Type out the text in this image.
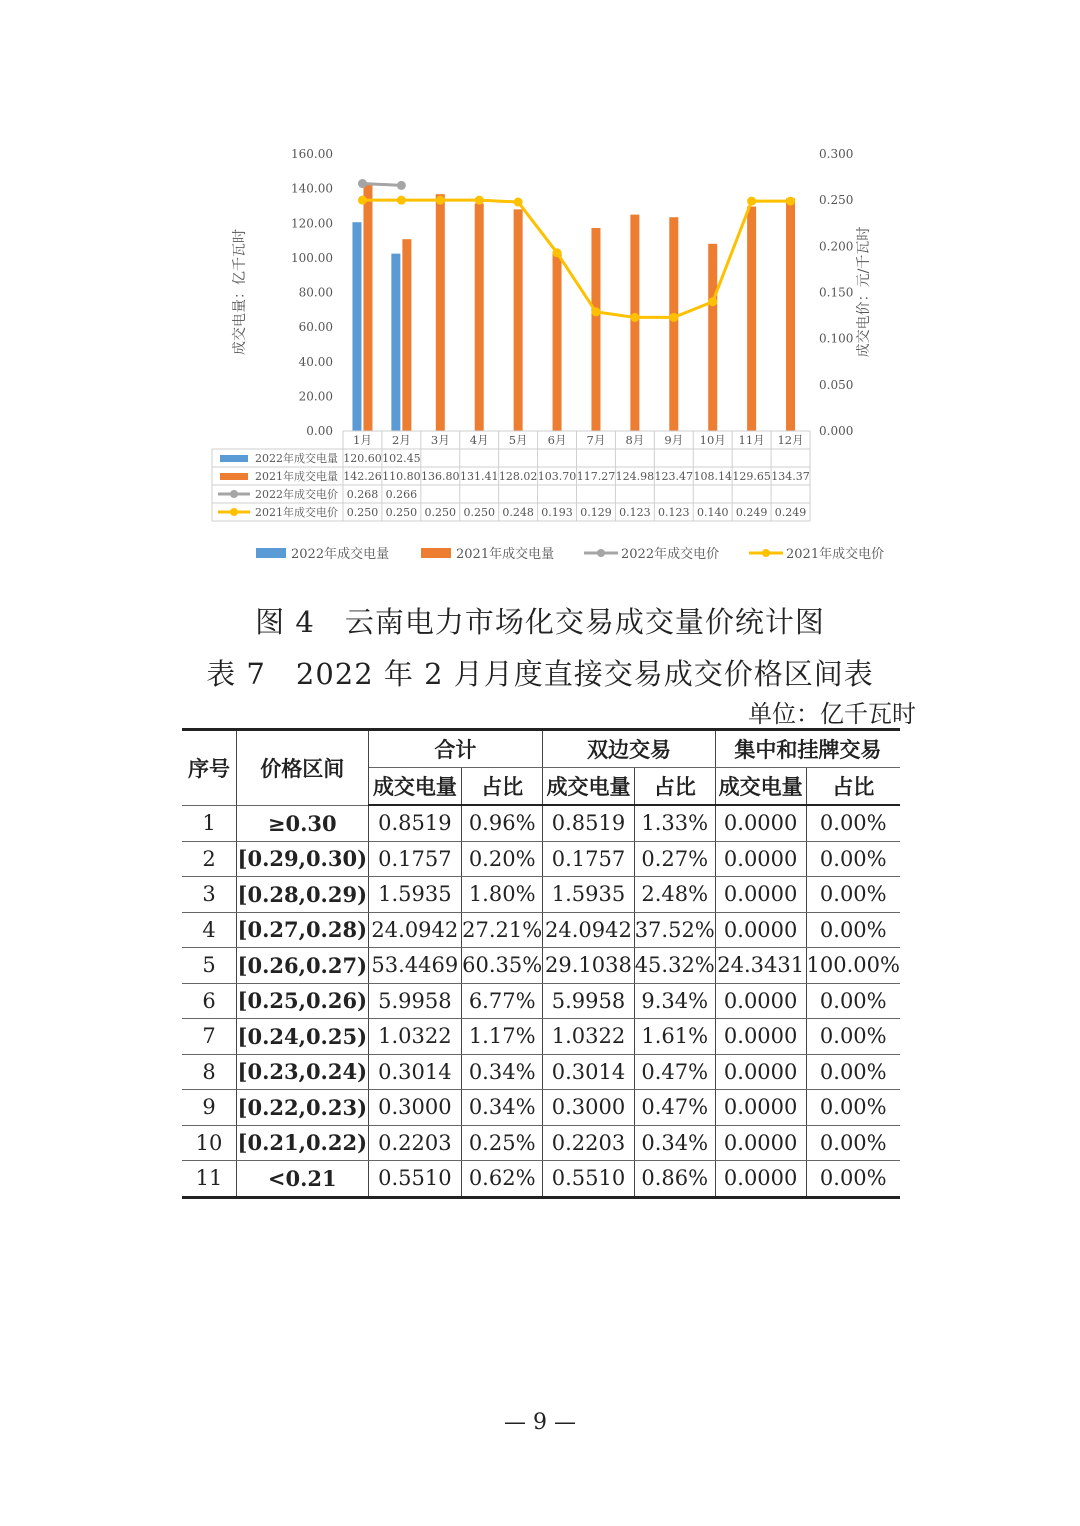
0.00
20.00
40.00
60.00
80.00
100.00
120.00
140.00
160.00
0.000
0.050
0.100
0.150
0.200
0.250
0.300
成交电量：亿千瓦时	成交电价：元/千瓦时
1月 2月 3月 4月 5月 6月 7月 8月 9月 10月 11月 12月
2022年成交电量 120.60 102.45
2021年成交电量 142.26 110.80 136.80 131.41 128.02 103.70 117.27 124.98 123.47 108.14 129.65 134.37
2022年成交电价 0.268 0.266
2021年成交电价 0.250 0.250 0.250 0.250 0.248 0.193 0.129 0.123 0.123 0.140 0.249 0.249
2022年成交电量	2021年成交电量	2022年成交电价	2021年成交电价
图 4　云南电力市场化交易成交量价统计图
表 7　2022 年 2 月月度直接交易成交价格区间表
单位：亿千瓦时
序号	价格区间	合计		双边交易		集中和挂牌交易	
		成交电量	占比	成交电量	占比	成交电量	占比
1	≥0.30	0.8519	0.96%	0.8519	1.33%	0.0000	0.00%
2	[0.29,0.30)	0.1757	0.20%	0.1757	0.27%	0.0000	0.00%
3	[0.28,0.29)	1.5935	1.80%	1.5935	2.48%	0.0000	0.00%
4	[0.27,0.28)	24.0942	27.21%	24.0942	37.52%	0.0000	0.00%
5	[0.26,0.27)	53.4469	60.35%	29.1038	45.32%	24.3431	100.00%
6	[0.25,0.26)	5.9958	6.77%	5.9958	9.34%	0.0000	0.00%
7	[0.24,0.25)	1.0322	1.17%	1.0322	1.61%	0.0000	0.00%
8	[0.23,0.24)	0.3014	0.34%	0.3014	0.47%	0.0000	0.00%
9	[0.22,0.23)	0.3000	0.34%	0.3000	0.47%	0.0000	0.00%
10	[0.21,0.22)	0.2203	0.25%	0.2203	0.34%	0.0000	0.00%
11	<0.21	0.5510	0.62%	0.5510	0.86%	0.0000	0.00%
— 9 —
